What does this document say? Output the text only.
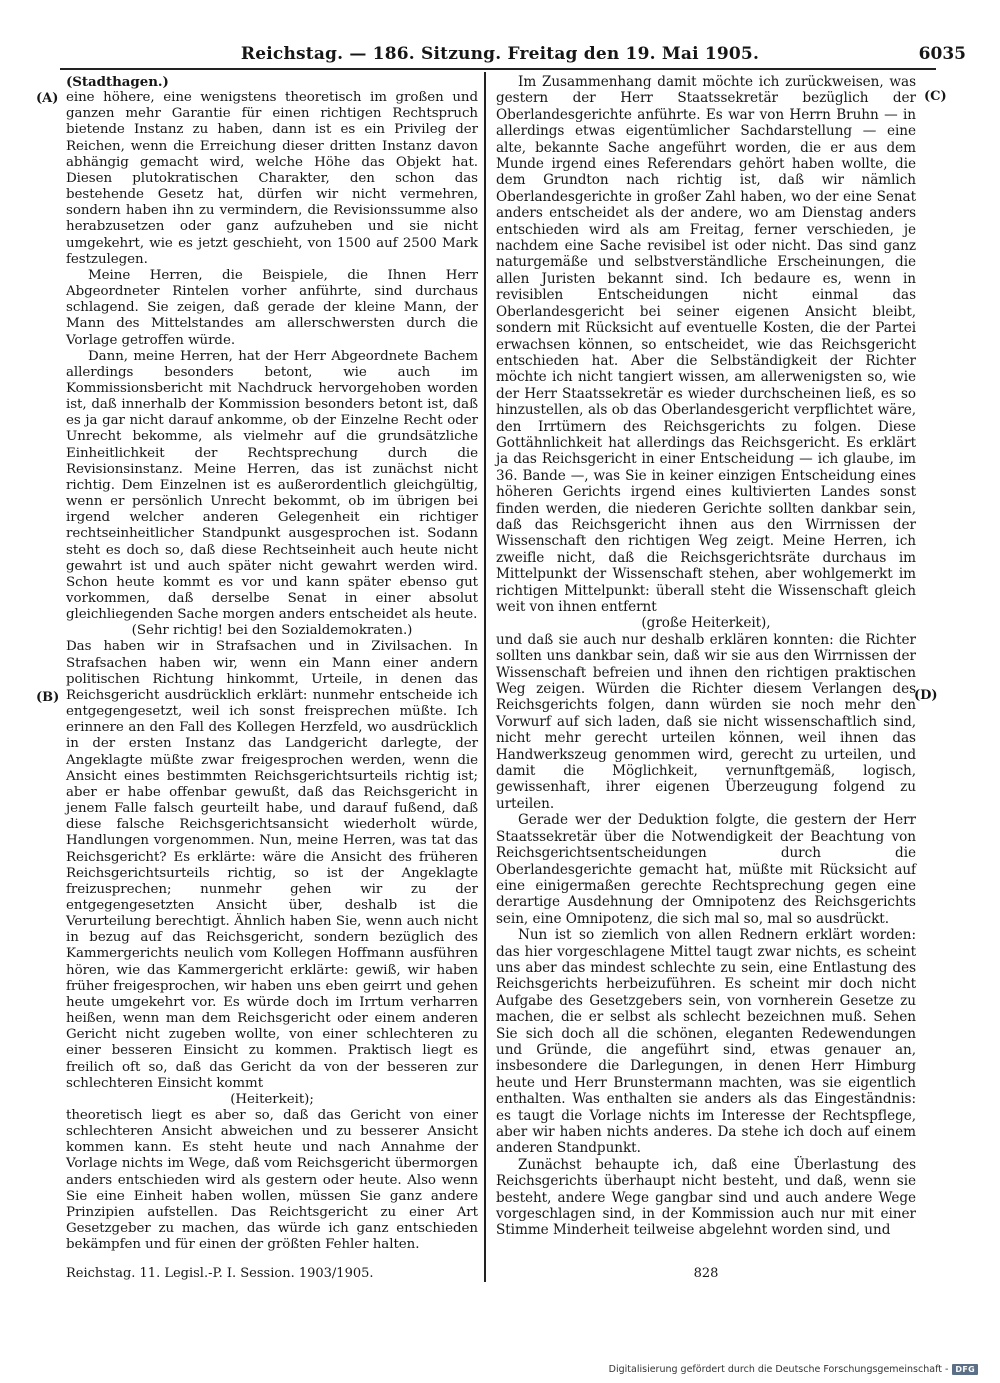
Reichstag. — 186. Sitzung. Freitag den 19. Mai 1905.	6035
(A)
(B)
(C)
(D)

(Stadthagen.)

eine höhere, eine wenigstens theoretisch im großen und ganzen mehr Garantie für einen richtigen Rechtspruch bietende Instanz zu haben, dann ist es ein Privileg der Reichen, wenn die Erreichung dieser dritten Instanz davon abhängig gemacht wird, welche Höhe das Objekt hat. Diesen plutokratischen Charakter, den schon das bestehende Gesetz hat, dürfen wir nicht vermehren, sondern haben ihn zu vermindern, die Revisionssumme also herabzusetzen oder ganz aufzuheben und sie nicht umgekehrt, wie es jetzt geschieht, von 1500 auf 2500 Mark festzulegen.

Meine Herren, die Beispiele, die Ihnen Herr Abgeordneter Rintelen vorher anführte, sind durchaus schlagend. Sie zeigen, daß gerade der kleine Mann, der Mann des Mittelstandes am allerschwersten durch die Vorlage getroffen würde.

Dann, meine Herren, hat der Herr Abgeordnete Bachem allerdings besonders betont, wie auch im Kommissionsbericht mit Nachdruck hervorgehoben worden ist, daß innerhalb der Kommission besonders betont ist, daß es ja gar nicht darauf ankomme, ob der Einzelne Recht oder Unrecht bekomme, als vielmehr auf die grundsätzliche Einheitlichkeit der Rechtsprechung durch die Revisionsinstanz. Meine Herren, das ist zunächst nicht richtig. Dem Einzelnen ist es außerordentlich gleichgültig, wenn er persönlich Unrecht bekommt, ob im übrigen bei irgend welcher anderen Gelegenheit ein richtiger rechtseinheitlicher Standpunkt ausgesprochen ist. Sodann steht es doch so, daß diese Rechtseinheit auch heute nicht gewahrt ist und auch später nicht gewahrt werden wird. Schon heute kommt es vor und kann später ebenso gut vorkommen, daß derselbe Senat in einer absolut gleichliegenden Sache morgen anders entscheidet als heute.

(Sehr richtig! bei den Sozialdemokraten.)

Das haben wir in Strafsachen und in Zivilsachen. In Strafsachen haben wir, wenn ein Mann einer andern politischen Richtung hinkommt, Urteile, in denen das Reichsgericht ausdrücklich erklärt: nunmehr entscheide ich entgegengesetzt, weil ich sonst freisprechen müßte. Ich erinnere an den Fall des Kollegen Herzfeld, wo ausdrücklich in der ersten Instanz das Landgericht darlegte, der Angeklagte müßte zwar freigesprochen werden, wenn die Ansicht eines bestimmten Reichsgerichtsurteils richtig ist; aber er habe offenbar gewußt, daß das Reichsgericht in jenem Falle falsch geurteilt habe, und darauf fußend, daß diese falsche Reichsgerichtsansicht wiederholt würde, Handlungen vorgenommen. Nun, meine Herren, was tat das Reichsgericht? Es erklärte: wäre die Ansicht des früheren Reichsgerichtsurteils richtig, so ist der Angeklagte freizusprechen; nunmehr gehen wir zu der entgegengesetzten Ansicht über, deshalb ist die Verurteilung berechtigt. Ähnlich haben Sie, wenn auch nicht in bezug auf das Reichsgericht, sondern bezüglich des Kammergerichts neulich vom Kollegen Hoffmann ausführen hören, wie das Kammergericht erklärte: gewiß, wir haben früher freigesprochen, wir haben uns eben geirrt und gehen heute umgekehrt vor. Es würde doch im Irrtum verharren heißen, wenn man dem Reichsgericht oder einem anderen Gericht nicht zugeben wollte, von einer schlechteren zu einer besseren Einsicht zu kommen. Praktisch liegt es freilich oft so, daß das Gericht da von der besseren zur schlechteren Einsicht kommt

(Heiterkeit);

theoretisch liegt es aber so, daß das Gericht von einer schlechteren Ansicht abweichen und zu besserer Ansicht kommen kann. Es steht heute und nach Annahme der Vorlage nichts im Wege, daß vom Reichsgericht übermorgen anders entschieden wird als gestern oder heute. Also wenn Sie eine Einheit haben wollen, müssen Sie ganz andere Prinzipien aufstellen. Das Reichtsgericht zu einer Art Gesetzgeber zu machen, das würde ich ganz entschieden bekämpfen und für einen der größten Fehler halten.

Im Zusammenhang damit möchte ich zurückweisen, was gestern der Herr Staatssekretär bezüglich der Oberlandesgerichte anführte. Es war von Herrn Bruhn — in allerdings etwas eigentümlicher Sachdarstellung — eine alte, bekannte Sache angeführt worden, die er aus dem Munde irgend eines Referendars gehört haben wollte, die dem Grundton nach richtig ist, daß wir nämlich Oberlandesgerichte in großer Zahl haben, wo der eine Senat anders entscheidet als der andere, wo am Dienstag anders entschieden wird als am Freitag, ferner verschieden, je nachdem eine Sache revisibel ist oder nicht. Das sind ganz naturgemäße und selbstverständliche Erscheinungen, die allen Juristen bekannt sind. Ich bedaure es, wenn in revisiblen Entscheidungen nicht einmal das Oberlandesgericht bei seiner eigenen Ansicht bleibt, sondern mit Rücksicht auf eventuelle Kosten, die der Partei erwachsen können, so entscheidet, wie das Reichsgericht entschieden hat. Aber die Selbständigkeit der Richter möchte ich nicht tangiert wissen, am allerwenigsten so, wie der Herr Staatssekretär es wieder durchscheinen ließ, es so hinzustellen, als ob das Oberlandesgericht verpflichtet wäre, den Irrtümern des Reichsgerichts zu folgen. Diese Gottähnlichkeit hat allerdings das Reichsgericht. Es erklärt ja das Reichsgericht in einer Entscheidung — ich glaube, im 36. Bande —, was Sie in keiner einzigen Entscheidung eines höheren Gerichts irgend eines kultivierten Landes sonst finden werden, die niederen Gerichte sollten dankbar sein, daß das Reichsgericht ihnen aus den Wirrnissen der Wissenschaft den richtigen Weg zeigt. Meine Herren, ich zweifle nicht, daß die Reichsgerichtsräte durchaus im Mittelpunkt der Wissenschaft stehen, aber wohlgemerkt im richtigen Mittelpunkt: überall steht die Wissenschaft gleich weit von ihnen entfernt

(große Heiterkeit),

und daß sie auch nur deshalb erklären konnten: die Richter sollten uns dankbar sein, daß wir sie aus den Wirrnissen der Wissenschaft befreien und ihnen den richtigen praktischen Weg zeigen. Würden die Richter diesem Verlangen des Reichsgerichts folgen, dann würden sie noch mehr den Vorwurf auf sich laden, daß sie nicht wissenschaftlich sind, nicht mehr gerecht urteilen können, weil ihnen das Handwerkszeug genommen wird, gerecht zu urteilen, und damit die Möglichkeit, vernunftgemäß, logisch, gewissenhaft, ihrer eigenen Überzeugung folgend zu urteilen.

Gerade wer der Deduktion folgte, die gestern der Herr Staatssekretär über die Notwendigkeit der Beachtung von Reichsgerichtsentscheidungen durch die Oberlandesgerichte gemacht hat, müßte mit Rücksicht auf eine einigermaßen gerechte Rechtsprechung gegen eine derartige Ausdehnung der Omnipotenz des Reichsgerichts sein, eine Omnipotenz, die sich mal so, mal so ausdrückt.

Nun ist so ziemlich von allen Rednern erklärt worden: das hier vorgeschlagene Mittel taugt zwar nichts, es scheint uns aber das mindest schlechte zu sein, eine Entlastung des Reichsgerichts herbeizuführen. Es scheint mir doch nicht Aufgabe des Gesetzgebers sein, von vornherein Gesetze zu machen, die er selbst als schlecht bezeichnen muß. Sehen Sie sich doch all die schönen, eleganten Redewendungen und Gründe, die angeführt sind, etwas genauer an, insbesondere die Darlegungen, in denen Herr Himburg heute und Herr Brunstermann machten, was sie eigentlich enthalten. Was enthalten sie anders als das Eingeständnis: es taugt die Vorlage nichts im Interesse der Rechtspflege, aber wir haben nichts anderes. Da stehe ich doch auf einem anderen Standpunkt.

Zunächst behaupte ich, daß eine Überlastung des Reichsgerichts überhaupt nicht besteht, und daß, wenn sie besteht, andere Wege gangbar sind und auch andere Wege vorgeschlagen sind, in der Kommission auch nur mit einer Stimme Minderheit teilweise abgelehnt worden sind, und

Reichstag. 11. Legisl.-P. I. Session. 1903/1905.	828
Digitalisierung gefördert durch die Deutsche Forschungsgemeinschaft - DFG
